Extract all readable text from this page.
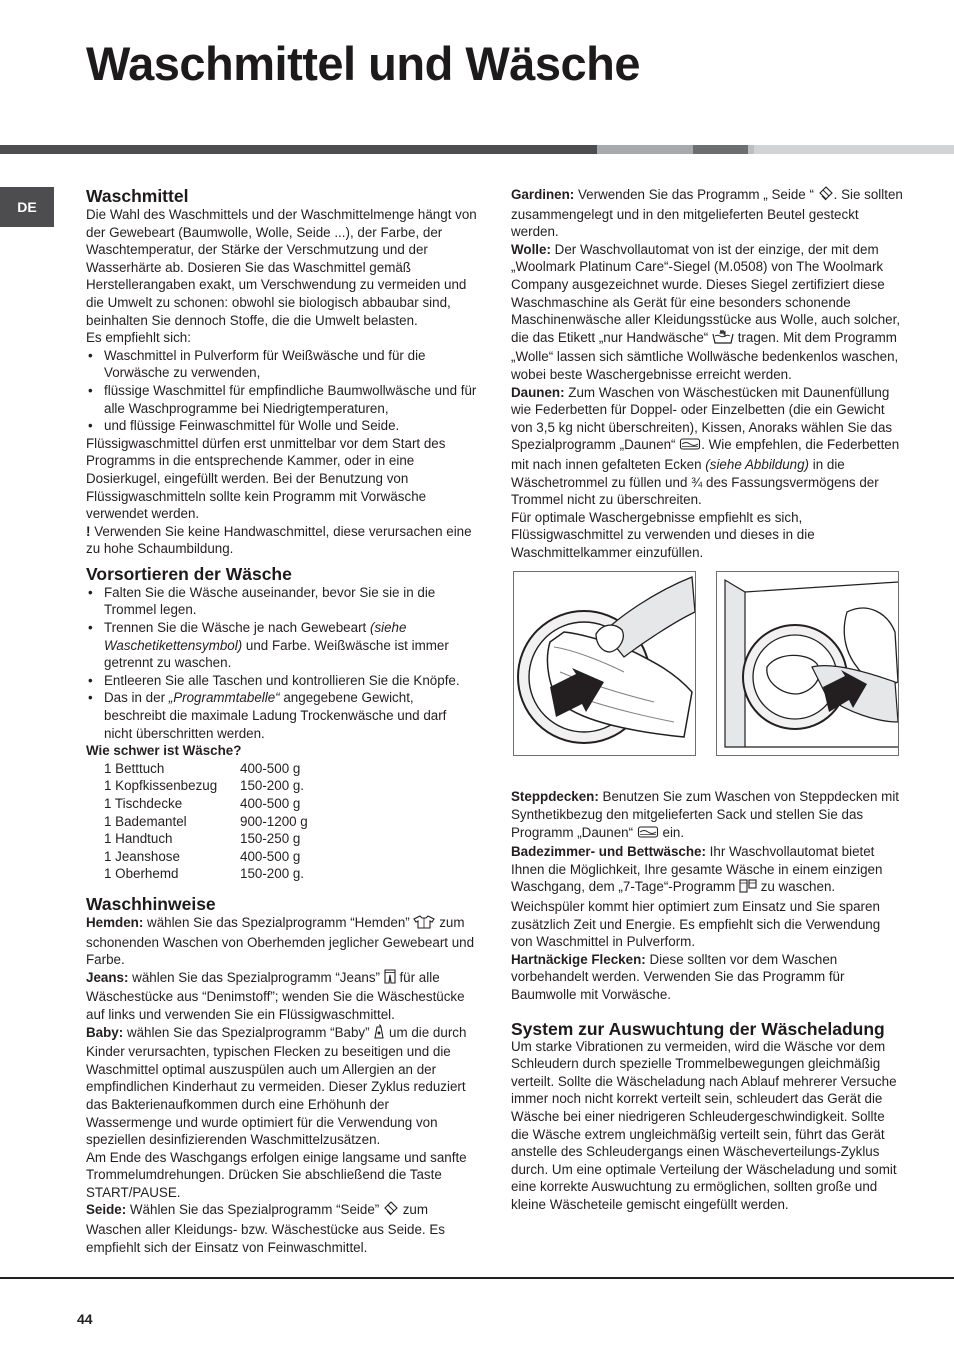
Waschmittel und Wäsche
DE
Waschmittel

Die Wahl des Waschmittels und der Waschmittelmenge hängt von der Gewebeart (Baumwolle, Wolle, Seide ...), der Farbe, der Waschtemperatur, der Stärke der Verschmutzung und der Wasserhärte ab. Dosieren Sie das Waschmittel gemäß Herstellerangaben exakt, um Verschwendung zu vermeiden und die Umwelt zu schonen: obwohl sie biologisch abbaubar sind, beinhalten Sie dennoch Stoffe, die die Umwelt belasten.

Es empfiehlt sich:

• Waschmittel in Pulverform für Weißwäsche und für die Vorwäsche zu verwenden,
• flüssige Waschmittel für empfindliche Baumwollwäsche und für alle Waschprogramme bei Niedrigtemperaturen,
• und flüssige Feinwaschmittel für Wolle und Seide.

Flüssigwaschmittel dürfen erst unmittelbar vor dem Start des Programms in die entsprechende Kammer, oder in eine Dosierkugel, eingefüllt werden. Bei der Benutzung von Flüssigwaschmitteln sollte kein Programm mit Vorwäsche verwendet werden.

! Verwenden Sie keine Handwaschmittel, diese verursachen eine zu hohe Schaumbildung.

Vorsortieren der Wäsche
• Falten Sie die Wäsche auseinander, bevor Sie sie in die Trommel legen.
• Trennen Sie die Wäsche je nach Gewebeart (siehe Waschetikettensymbol) und Farbe. Weißwäsche ist immer getrennt zu waschen.
• Entleeren Sie alle Taschen und kontrollieren Sie die Knöpfe.
• Das in der „Programmtabelle“ angegebene Gewicht, beschreibt die maximale Ladung Trockenwäsche und darf nicht überschritten werden.

Wie schwer ist Wäsche?

1 Betttuch	400-500 g
1 Kopfkissenbezug	150-200 g.
1 Tischdecke	400-500 g
1 Bademantel	900-1200 g
1 Handtuch	150-250 g
1 Jeanshose	400-500 g
1 Oberhemd	150-200 g.
Waschhinweise

Hemden: wählen Sie das Spezialprogramm “Hemden”  zum schonenden Waschen von Oberhemden jeglicher Gewebeart und Farbe.

Jeans: wählen Sie das Spezialprogramm “Jeans”  für alle Wäschestücke aus “Denimstoff”; wenden Sie die Wäschestücke auf links und verwenden Sie ein Flüssigwaschmittel.

Baby: wählen Sie das Spezialprogramm “Baby”  um die durch Kinder verursachten, typischen Flecken zu beseitigen und die Waschmittel optimal auszuspülen auch um Allergien an der empfindlichen Kinderhaut zu vermeiden. Dieser Zyklus reduziert das Bakterienaufkommen durch eine Erhöhunh der Wassermenge und wurde optimiert für die Verwendung von speziellen desinfizierenden Waschmittelzusätzen.

Am Ende des Waschgangs erfolgen einige langsame und sanfte Trommelumdrehungen. Drücken Sie abschließend die Taste START/PAUSE.

Seide: Wählen Sie das Spezialprogramm “Seide”  zum Waschen aller Kleidungs- bzw. Wäschestücke aus Seide. Es empfiehlt sich der Einsatz von Feinwaschmittel.

Gardinen: Verwenden Sie das Programm „ Seide “ . Sie sollten zusammengelegt und in den mitgelieferten Beutel gesteckt werden.

Wolle: Der Waschvollautomat von ist der einzige, der mit dem „Woolmark Platinum Care“-Siegel (M.0508) von The Woolmark Company ausgezeichnet wurde. Dieses Siegel zertifiziert diese Waschmaschine als Gerät für eine besonders schonende Maschinenwäsche aller Kleidungsstücke aus Wolle, auch solcher, die das Etikett „nur Handwäsche“  tragen. Mit dem Programm „Wolle“ lassen sich sämtliche Wollwäsche bedenkenlos waschen, wobei beste Waschergebnisse erreicht werden.

Daunen: Zum Waschen von Wäschestücken mit Daunenfüllung wie Federbetten für Doppel- oder Einzelbetten (die ein Gewicht von 3,5 kg nicht überschreiten), Kissen, Anoraks wählen Sie das Spezialprogramm „Daunen“ . Wie empfehlen, die Federbetten mit nach innen gefalteten Ecken (siehe Abbildung) in die Wäschetrommel zu füllen und ¾ des Fassungsvermögens der Trommel nicht zu überschreiten.

Für optimale Waschergebnisse empfiehlt es sich, Flüssigwaschmittel zu verwenden und dieses in die Waschmittelkammer einzufüllen.

Steppdecken: Benutzen Sie zum Waschen von Steppdecken mit Synthetikbezug den mitgelieferten Sack und stellen Sie das Programm „Daunen“  ein.

Badezimmer- und Bettwäsche: Ihr Waschvollautomat bietet Ihnen die Möglichkeit, Ihre gesamte Wäsche in einem einzigen Waschgang, dem „7-Tage“-Programm  zu waschen. Weichspüler kommt hier optimiert zum Einsatz und Sie sparen zusätzlich Zeit und Energie. Es empfiehlt sich die Verwendung von Waschmittel in Pulverform.

Hartnäckige Flecken: Diese sollten vor dem Waschen vorbehandelt werden. Verwenden Sie das Programm für Baumwolle mit Vorwäsche.

System zur Auswuchtung der Wäscheladung

Um starke Vibrationen zu vermeiden, wird die Wäsche vor dem Schleudern durch spezielle Trommelbewegungen gleichmäßig verteilt. Sollte die Wäscheladung nach Ablauf mehrerer Versuche immer noch nicht korrekt verteilt sein, schleudert das Gerät die Wäsche bei einer niedrigeren Schleudergeschwindigkeit. Sollte die Wäsche extrem ungleichmäßig verteilt sein, führt das Gerät anstelle des Schleudergangs einen Wäscheverteilungs-Zyklus durch. Um eine optimale Verteilung der Wäscheladung und somit eine korrekte Auswuchtung zu ermöglichen, sollten große und kleine Wäscheteile gemischt eingefüllt werden.

44
